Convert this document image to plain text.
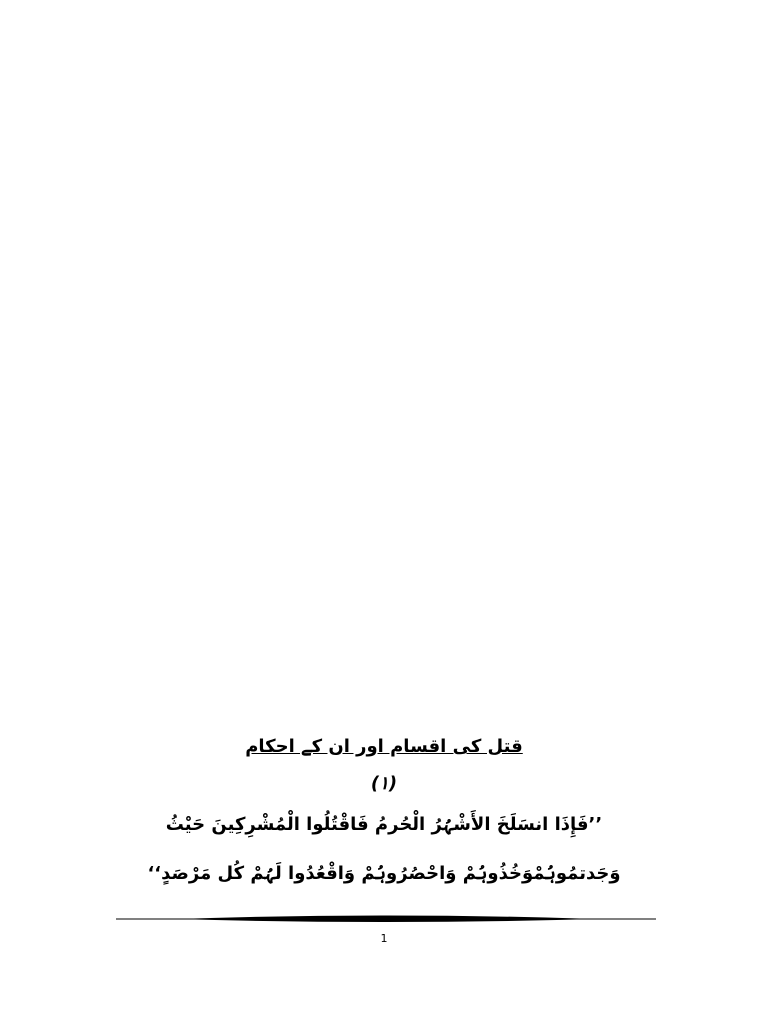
قتل کی اقسام اور ان کے احکام
(۱)
’’فَإِذَا انسَلَخَ الأَشْہُرُ الْحُرمُ فَاقْتُلُوا الْمُشْرِكِينَ حَيْثُ
وَجَدتمُوہُمْوَخُذُوہُمْ وَاحْصُرُوہُمْ وَاقْعُدُوا لَہُمْ كُل مَرْصَدٍ‘‘
1
